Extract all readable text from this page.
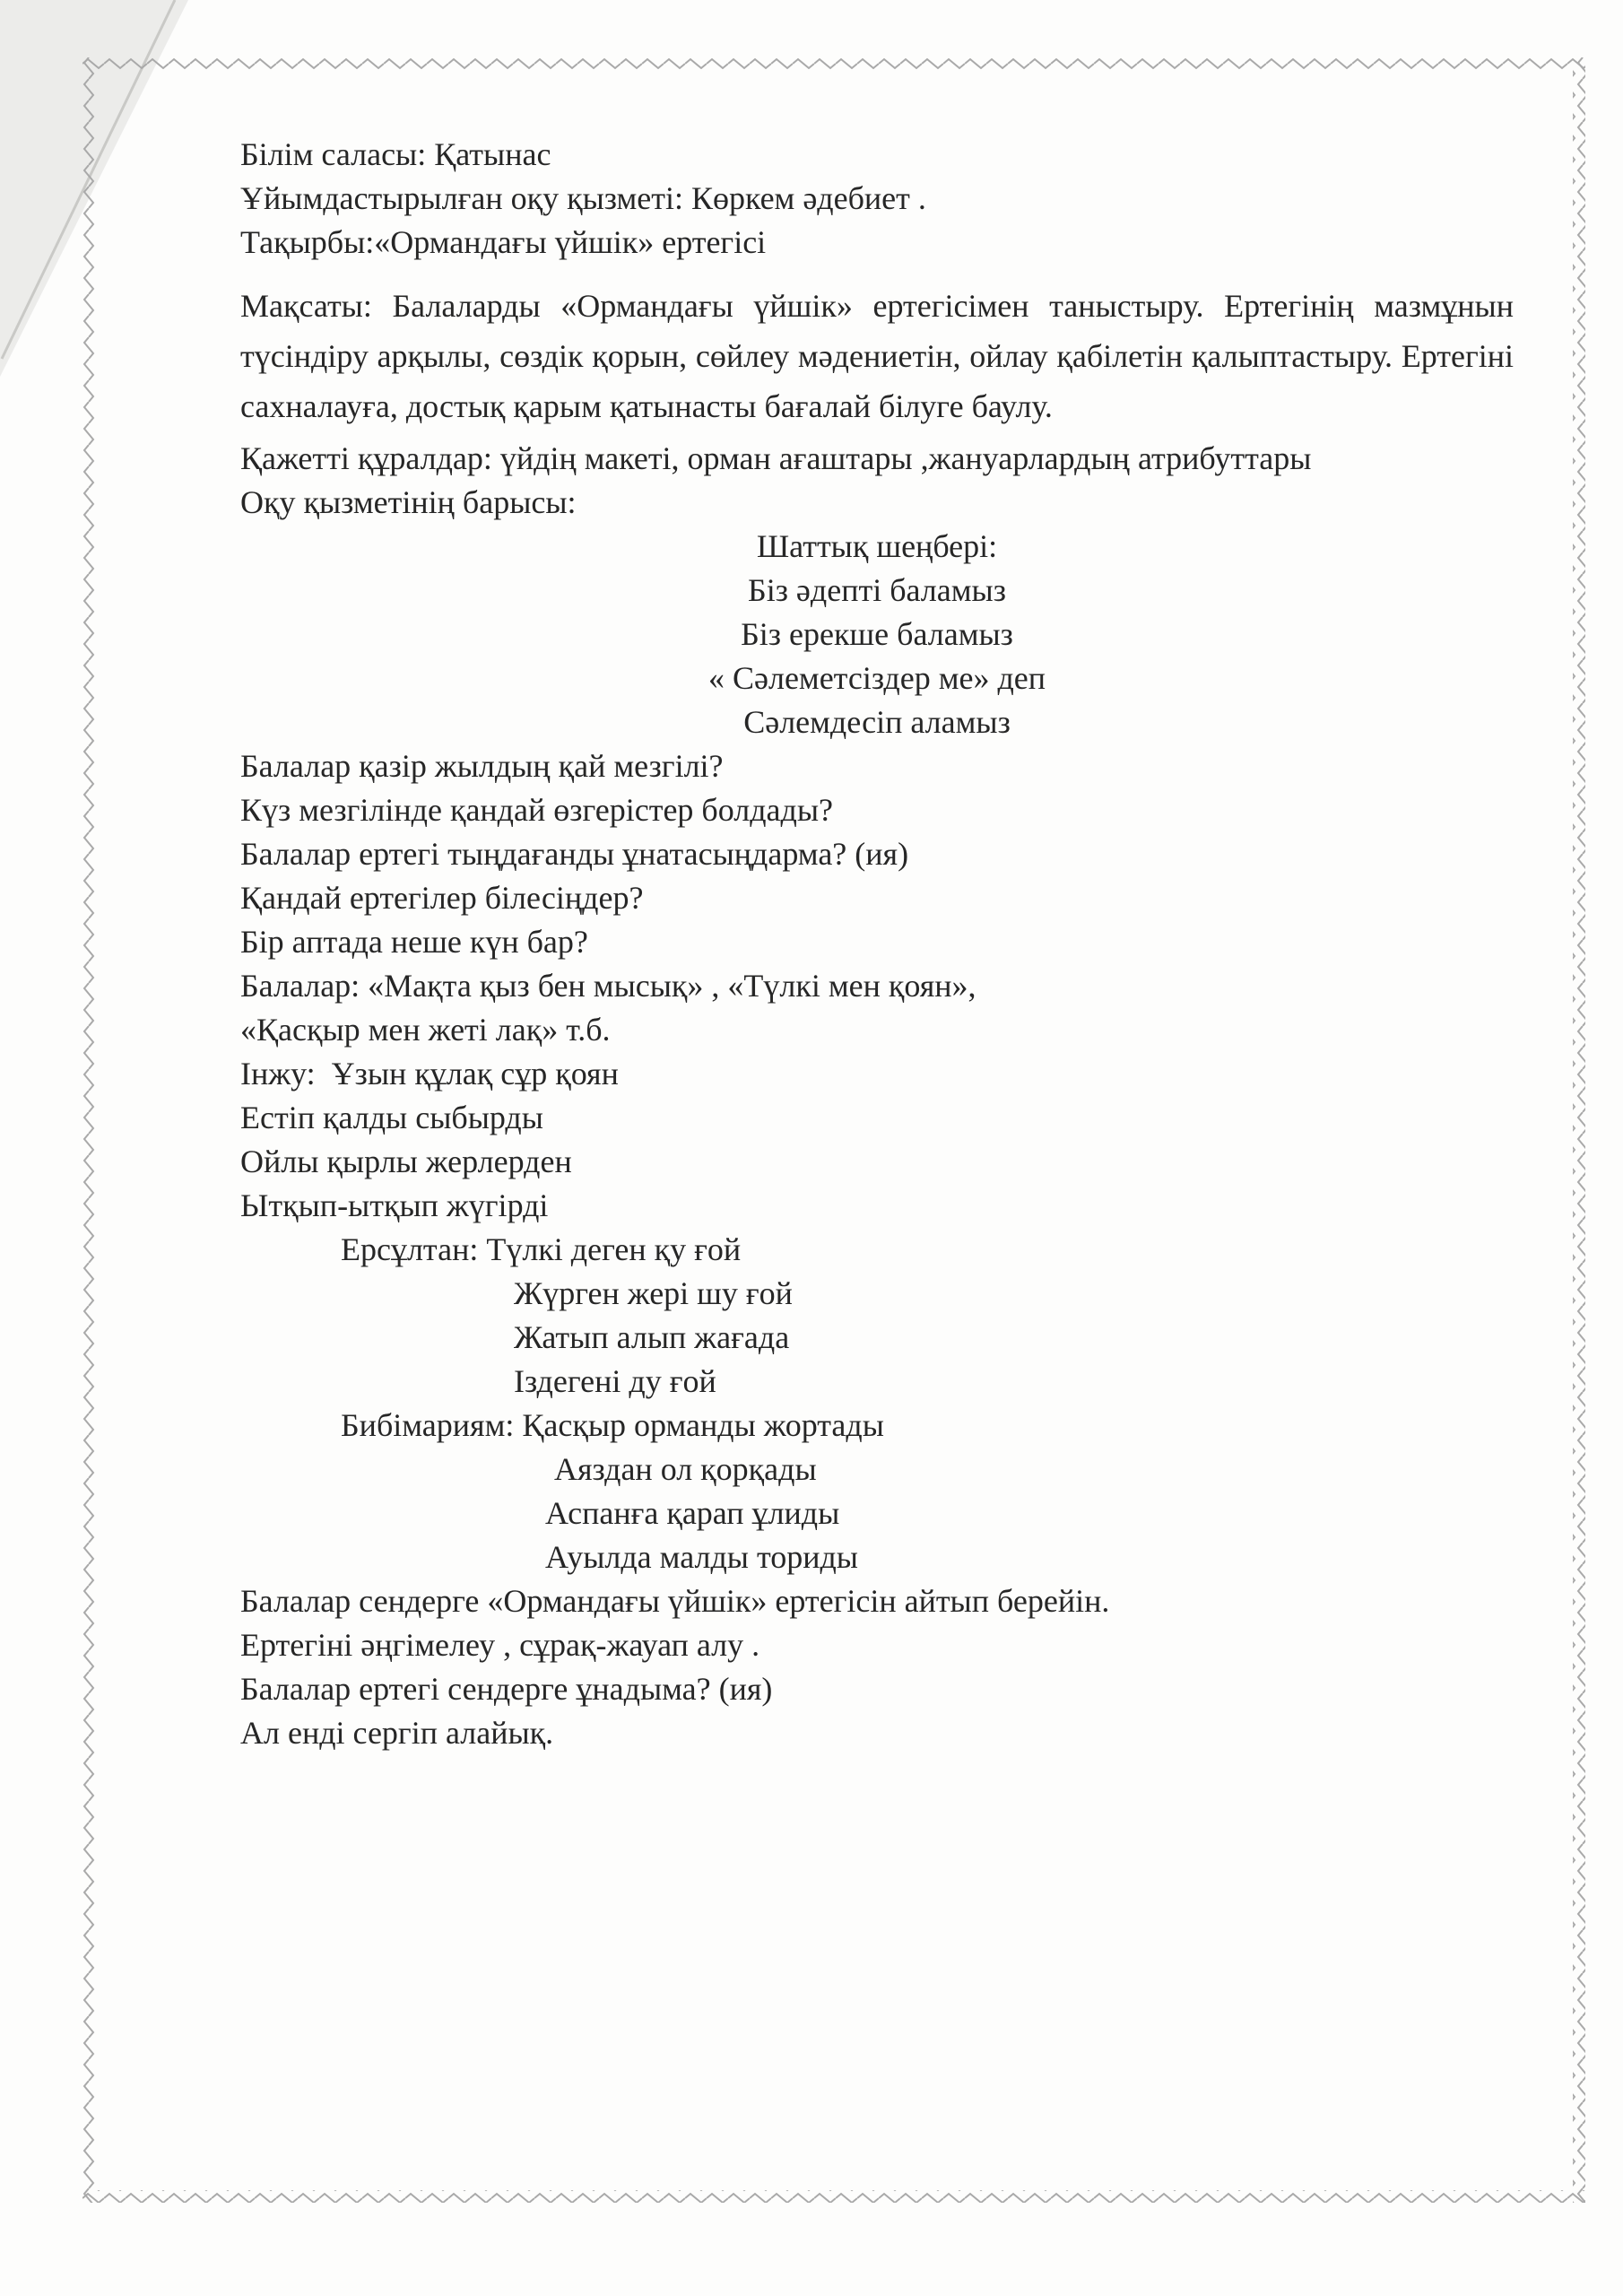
Білім саласы: Қатынас
Ұйымдастырылған оқу қызметі: Көркем әдебиет .
Тақырбы:«Ормандағы үйшік» ертегісі
Мақсаты: Балаларды «Ормандағы үйшік» ертегісімен таныстыру. Ертегінің мазмұнын түсіндіру арқылы, сөздік қорын, сөйлеу мәдениетін, ойлау қабілетін қалыптастыру. Ертегіні сахналауға, достық қарым қатынасты бағалай білуге баулу.
Қажетті құралдар: үйдің макеті, орман ағаштары ,жануарлардың атрибуттары
Оқу қызметінің барысы:
Шаттық шеңбері:
Біз әдепті баламыз
Біз ерекше баламыз
« Сәлеметсіздер ме» деп
Сәлемдесіп аламыз
Балалар қазір жылдың қай мезгілі?
Күз мезгілінде қандай өзгерістер болдады?
Балалар ертегі тыңдағанды ұнатасыңдарма? (ия)
Қандай ертегілер білесіңдер?
Бір аптада неше күн бар?
Балалар: «Мақта қыз бен мысық» , «Түлкі мен қоян»,
«Қасқыр мен жеті лақ» т.б.
Інжу:  Ұзын құлақ сұр қоян
Естіп қалды сыбырды
Ойлы қырлы жерлерден
Ытқып-ытқып жүгірді
Ерсұлтан: Түлкі деген қу ғой
Жүрген жері шу ғой
Жатып алып жағада
Іздегені ду ғой
Бибімариям: Қасқыр орманды жортады
Аяздан ол қорқады
Аспанға қарап ұлиды
Ауылда малды ториды
Балалар сендерге «Ормандағы үйшік» ертегісін айтып берейін.
Ертегіні әңгімелеу , сұрақ-жауап алу .
Балалар ертегі сендерге ұнадыма? (ия)
Ал енді сергіп алайық.
